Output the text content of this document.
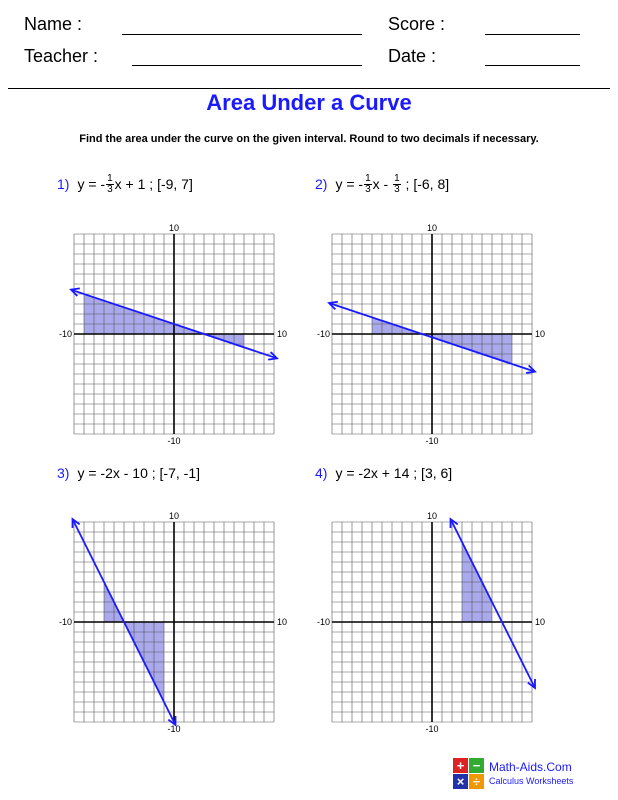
Name :	Score :
Teacher :	Date :
Area Under a Curve
Find the area under the curve on the given interval. Round to two decimals if necessary.
1) y = - $\frac{1}{3}$ x + 1 ; [-9, 7]	2) y = - $\frac{1}{3}$ x - $\frac{1}{3}$ ; [-6, 8]
3) y = -2x - 10 ; [-7, -1]	4) y = -2x + 14 ; [3, 6]
10
-10
-10	10
10
-10
-10	10
10
-10
-10	10
10
-10
-10	10
+ −
× ÷
Math-Aids.Com
Calculus Worksheets
